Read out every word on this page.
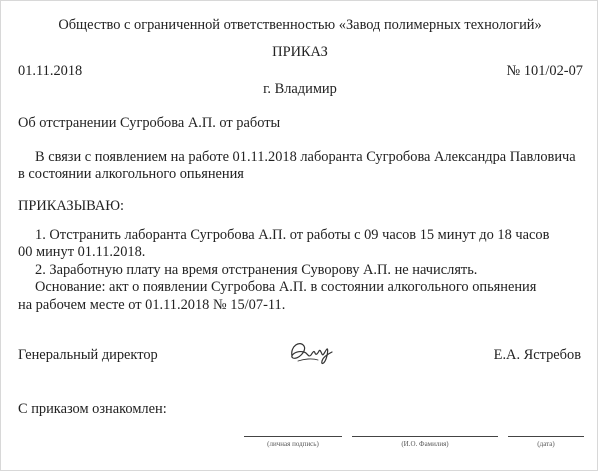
Общество с ограниченной ответственностью «Завод полимерных технологий»
ПРИКАЗ
01.11.2018	№ 101/02-07
г. Владимир
Об отстранении Сугробова А.П. от работы
В связи с появлением на работе 01.11.2018 лаборанта Сугробова Александра Павловича
в состоянии алкогольного опьянения
ПРИКАЗЫВАЮ:
1. Отстранить лаборанта Сугробова А.П. от работы с 09 часов 15 минут до 18 часов
00 минут 01.11.2018.
2. Заработную плату на время отстранения Суворову А.П. не начислять.
Основание: акт о появлении Сугробова А.П. в состоянии алкогольного опьянения
на рабочем месте от 01.11.2018 № 15/07-11.
Генеральный директор	Е.А. Ястребов
С приказом ознакомлен:
(личная подпись)	(И.О. Фамилия)	(дата)
